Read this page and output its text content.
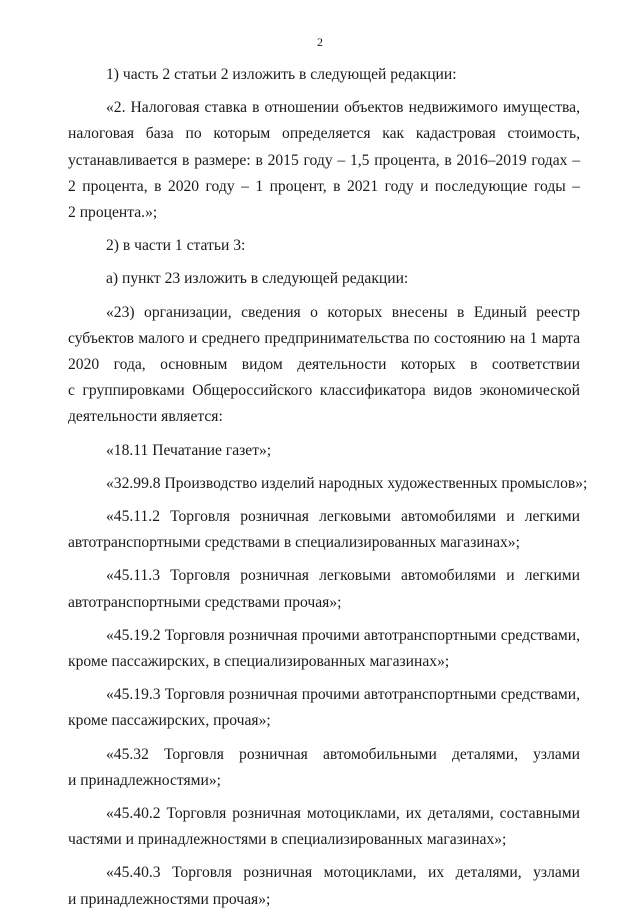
2
1) часть 2 статьи 2 изложить в следующей редакции:
«2. Налоговая ставка в отношении объектов недвижимого имущества,
налоговая база по которым определяется как кадастровая стоимость,
устанавливается в размере: в 2015 году – 1,5 процента, в 2016–2019 годах –
2 процента, в 2020 году – 1 процент, в 2021 году и последующие годы –
2 процента.»;
2) в части 1 статьи 3:
а) пункт 23 изложить в следующей редакции:
«23) организации, сведения о которых внесены в Единый реестр
субъектов малого и среднего предпринимательства по состоянию на 1 марта
2020 года, основным видом деятельности которых в соответствии
с группировками Общероссийского классификатора видов экономической
деятельности является:
«18.11 Печатание газет»;
«32.99.8 Производство изделий народных художественных промыслов»;
«45.11.2 Торговля розничная легковыми автомобилями и легкими
автотранспортными средствами в специализированных магазинах»;
«45.11.3 Торговля розничная легковыми автомобилями и легкими
автотранспортными средствами прочая»;
«45.19.2 Торговля розничная прочими автотранспортными средствами,
кроме пассажирских, в специализированных магазинах»;
«45.19.3 Торговля розничная прочими автотранспортными средствами,
кроме пассажирских, прочая»;
«45.32 Торговля розничная автомобильными деталями, узлами
и принадлежностями»;
«45.40.2 Торговля розничная мотоциклами, их деталями, составными
частями и принадлежностями в специализированных магазинах»;
«45.40.3 Торговля розничная мотоциклами, их деталями, узлами
и принадлежностями прочая»;
